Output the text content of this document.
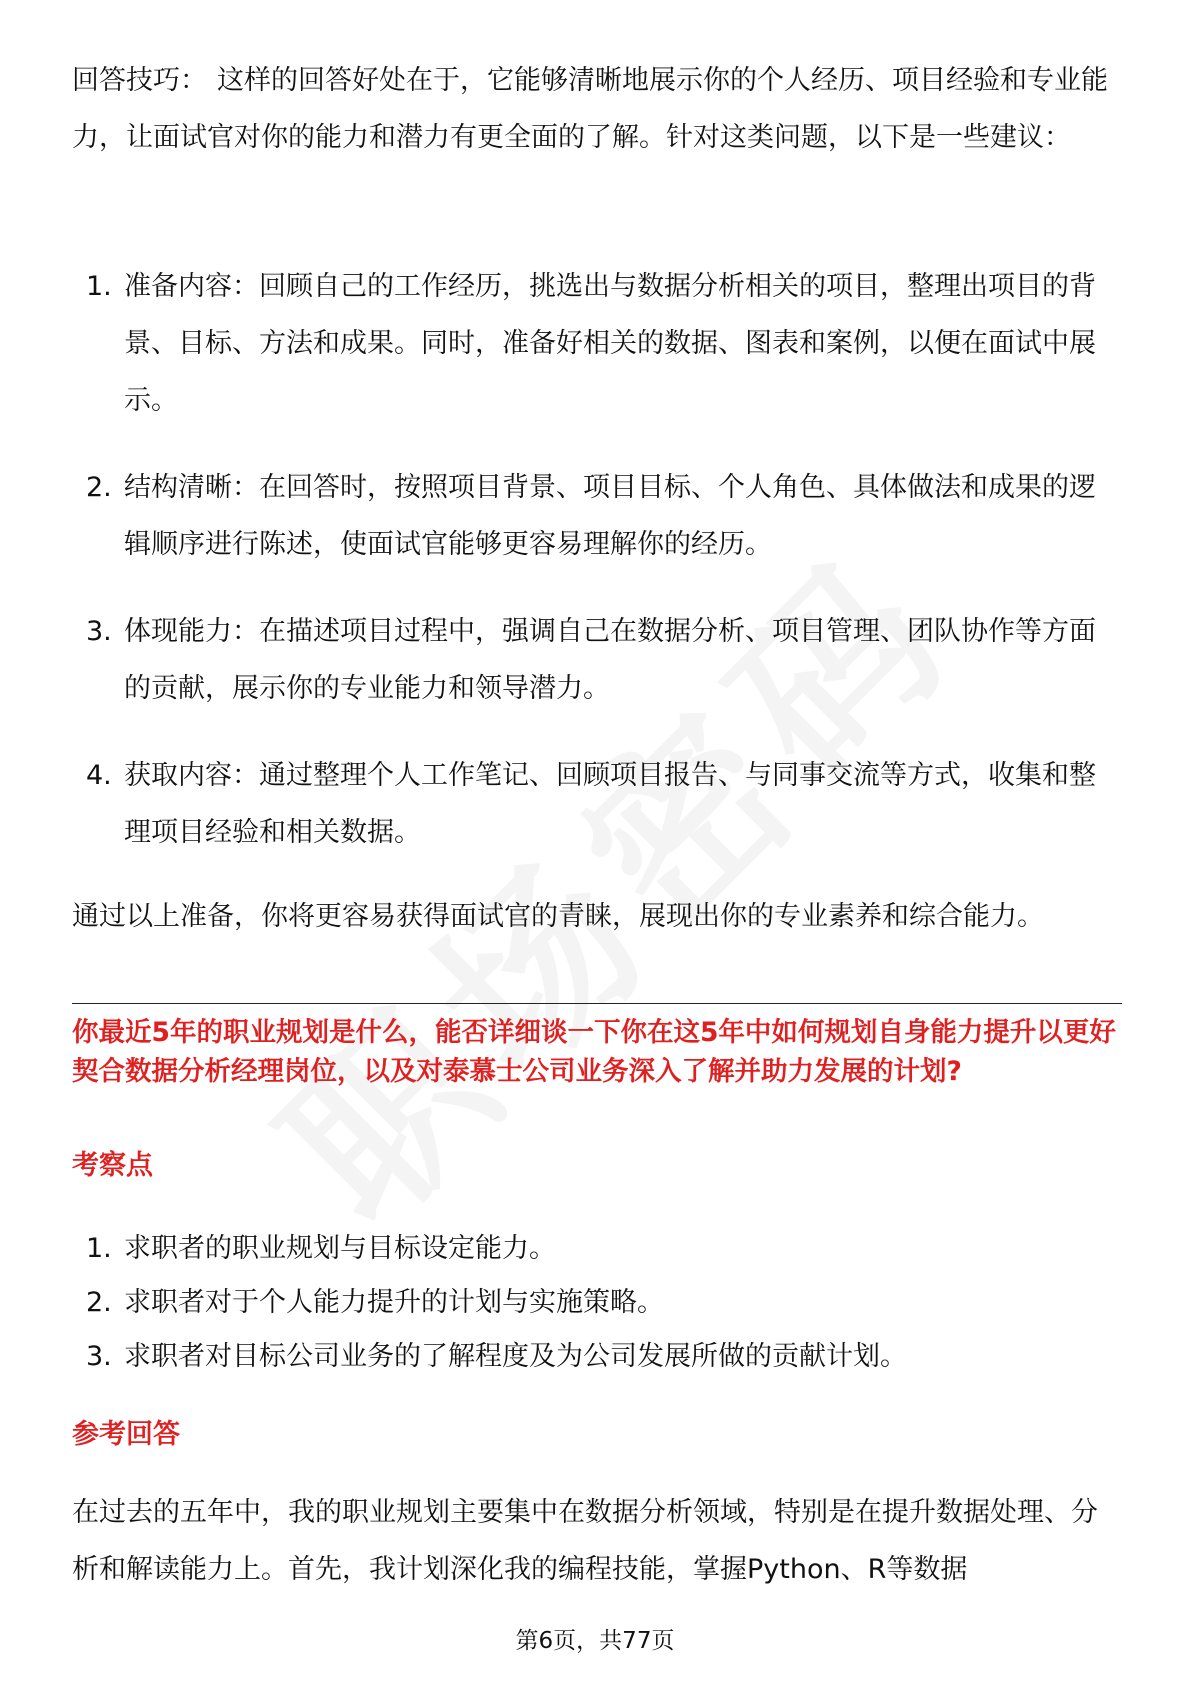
回答技巧： 这样的回答好处在于，它能够清晰地展示你的个人经历、项目经验和专业能力，让面试官对你的能力和潜力有更全面的了解。针对这类问题，以下是一些建议：

1. 准备内容：回顾自己的工作经历，挑选出与数据分析相关的项目，整理出项目的背景、目标、方法和成果。同时，准备好相关的数据、图表和案例，以便在面试中展示。
2. 结构清晰：在回答时，按照项目背景、项目目标、个人角色、具体做法和成果的逻辑顺序进行陈述，使面试官能够更容易理解你的经历。
3. 体现能力：在描述项目过程中，强调自己在数据分析、项目管理、团队协作等方面的贡献，展示你的专业能力和领导潜力。
4. 获取内容：通过整理个人工作笔记、回顾项目报告、与同事交流等方式，收集和整理项目经验和相关数据。

通过以上准备，你将更容易获得面试官的青睐，展现出你的专业素养和综合能力。

你最近5年的职业规划是什么，能否详细谈一下你在这5年中如何规划自身能力提升以更好契合数据分析经理岗位，以及对泰慕士公司业务深入了解并助力发展的计划?

考察点

1. 求职者的职业规划与目标设定能力。
2. 求职者对于个人能力提升的计划与实施策略。
3. 求职者对目标公司业务的了解程度及为公司发展所做的贡献计划。

参考回答

在过去的五年中，我的职业规划主要集中在数据分析领域，特别是在提升数据处理、分析和解读能力上。首先，我计划深化我的编程技能，掌握Python、R等数据

第6页，共77页
